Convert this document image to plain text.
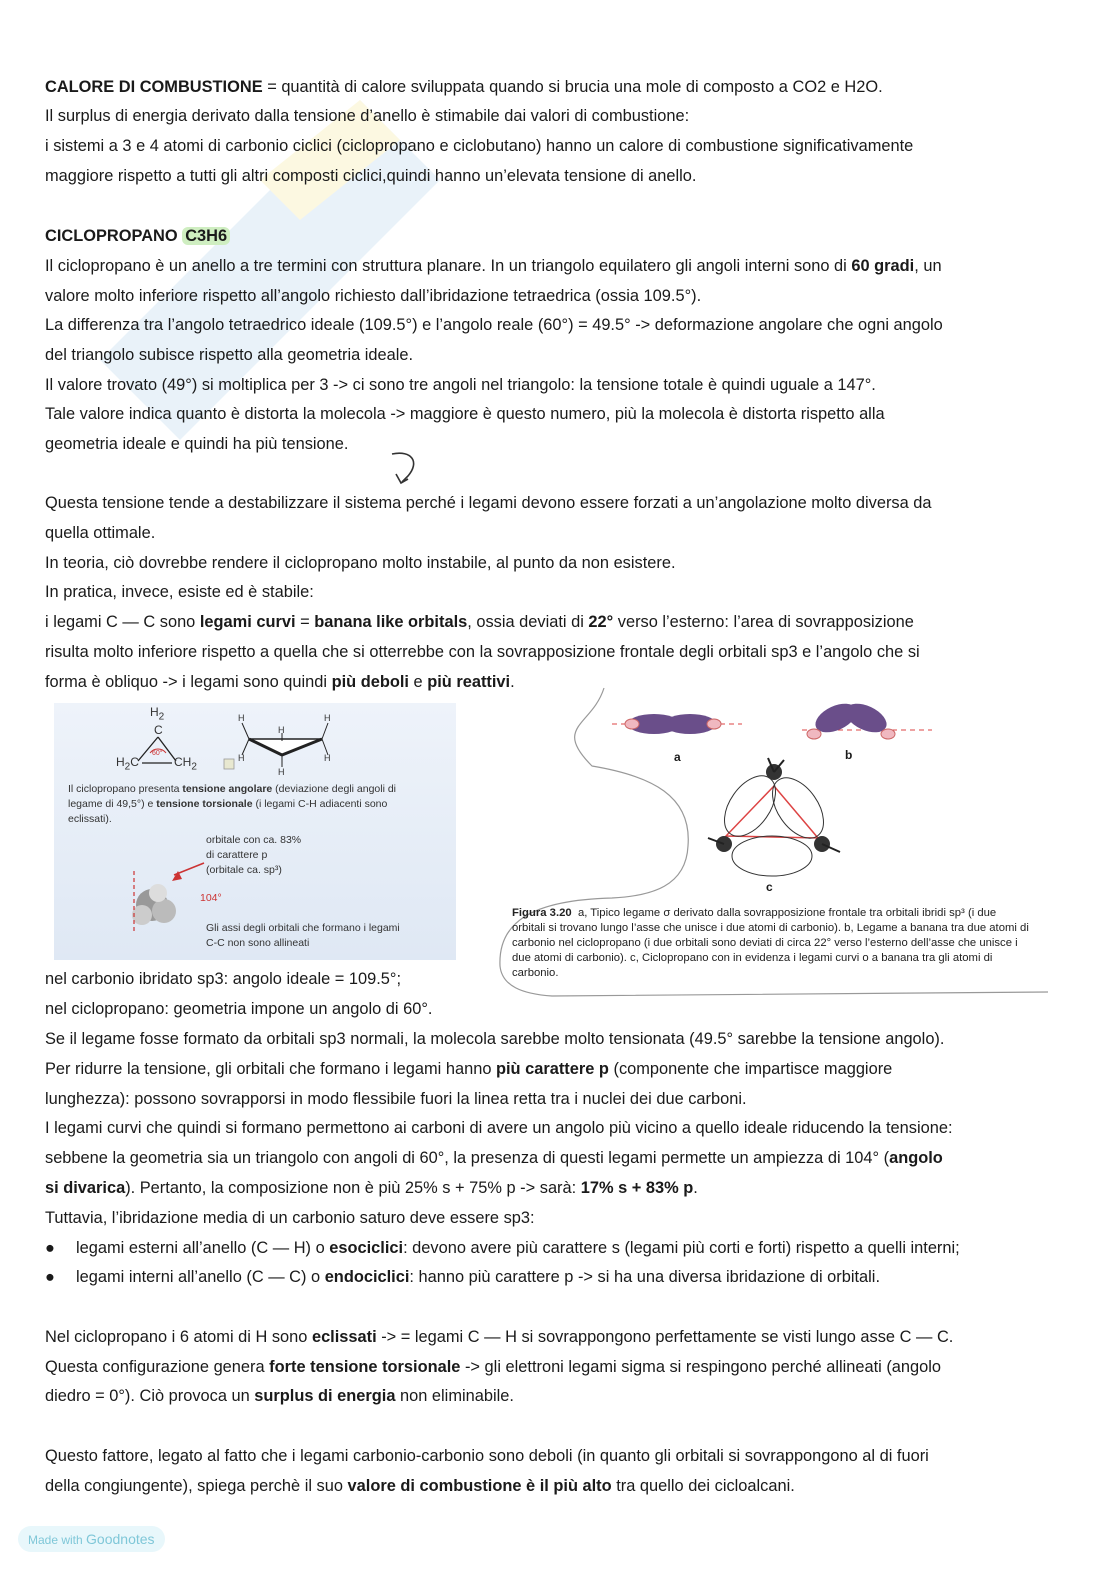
CALORE DI COMBUSTIONE = quantità di calore sviluppata quando si brucia una mole di composto a CO2 e H2O.
Il surplus di energia derivato dalla tensione d’anello è stimabile dai valori di combustione:
i sistemi a 3 e 4 atomi di carbonio ciclici (ciclopropano e ciclobutano) hanno un calore di combustione significativamente
maggiore rispetto a tutti gli altri composti ciclici,quindi hanno un’elevata tensione di anello.
CICLOPROPANO C3H6
Il ciclopropano è un anello a tre termini con struttura planare. In un triangolo equilatero gli angoli interni sono di 60 gradi, un
valore molto inferiore rispetto all’angolo richiesto dall’ibridazione tetraedrica (ossia 109.5°).
La differenza tra l’angolo tetraedrico ideale (109.5°) e l’angolo reale (60°) = 49.5° -> deformazione angolare che ogni angolo
del triangolo subisce rispetto alla geometria ideale.
Il valore trovato (49°) si moltiplica per 3 -> ci sono tre angoli nel triangolo: la tensione totale è quindi uguale a 147°.
Tale valore indica quanto è distorta la molecola -> maggiore è questo numero, più la molecola è distorta rispetto alla
geometria ideale e quindi ha più tensione.
Questa tensione tende a destabilizzare il sistema perché i legami devono essere forzati a un’angolazione molto diversa da
quella ottimale.
In teoria, ciò dovrebbe rendere il ciclopropano molto instabile, al punto da non esistere.
In pratica, invece, esiste ed è stabile:
i legami C — C sono legami curvi = banana like orbitals, ossia deviati di 22° verso l’esterno: l’area di sovrapposizione
risulta molto inferiore rispetto a quella che si otterrebbe con la sovrapposizione frontale degli orbitali sp3 e l’angolo che si
forma è obliquo -> i legami sono quindi più deboli e più reattivi.
$H_2$
C
$H_2C$	$CH_2$
60°
H	H
H
H	H
H
Il ciclopropano presenta tensione angolare (deviazione degli angoli di
legame di 49,5°) e tensione torsionale (i legami C-H adiacenti sono
eclissati).
orbitale con ca. 83%
di carattere p
(orbitale ca. sp³)
104°
Gli assi degli orbitali che formano i legami
C-C non sono allineati
a	b
c
Figura 3.20 a, Tipico legame σ derivato dalla sovrapposizione frontale tra orbitali ibridi sp³ (i due orbitali si trovano lungo l’asse che unisce i due atomi di carbonio). b, Legame a banana tra due atomi di carbonio nel ciclopropano (i due orbitali sono deviati di circa 22° verso l’esterno dell’asse che unisce i due atomi di carbonio). c, Ciclopropano con in evidenza i legami curvi o a banana tra gli atomi di carbonio.
nel carbonio ibridato sp3: angolo ideale = 109.5°;
nel ciclopropano: geometria impone un angolo di 60°.
Se il legame fosse formato da orbitali sp3 normali, la molecola sarebbe molto tensionata (49.5° sarebbe la tensione angolo).
Per ridurre la tensione, gli orbitali che formano i legami hanno più carattere p (componente che impartisce maggiore
lunghezza): possono sovrapporsi in modo flessibile fuori la linea retta tra i nuclei dei due carboni.
I legami curvi che quindi si formano permettono ai carboni di avere un angolo più vicino a quello ideale riducendo la tensione:
sebbene la geometria sia un triangolo con angoli di 60°, la presenza di questi legami permette un ampiezza di 104° (angolo
si divarica). Pertanto, la composizione non è più 25% s + 75% p -> sarà: 17% s + 83% p.
Tuttavia, l’ibridazione media di un carbonio saturo deve essere sp3:
● legami esterni all’anello (C — H) o esociclici: devono avere più carattere s (legami più corti e forti) rispetto a quelli interni;
● legami interni all’anello (C — C) o endociclici: hanno più carattere p -> si ha una diversa ibridazione di orbitali.
Nel ciclopropano i 6 atomi di H sono eclissati -> = legami C — H si sovrappongono perfettamente se visti lungo asse C — C.
Questa configurazione genera forte tensione torsionale -> gli elettroni legami sigma si respingono perché allineati (angolo
diedro = 0°). Ciò provoca un surplus di energia non eliminabile.
Questo fattore, legato al fatto che i legami carbonio-carbonio sono deboli (in quanto gli orbitali si sovrappongono al di fuori
della congiungente), spiega perchè il suo valore di combustione è il più alto tra quello dei cicloalcani.
Made with Goodnotes
